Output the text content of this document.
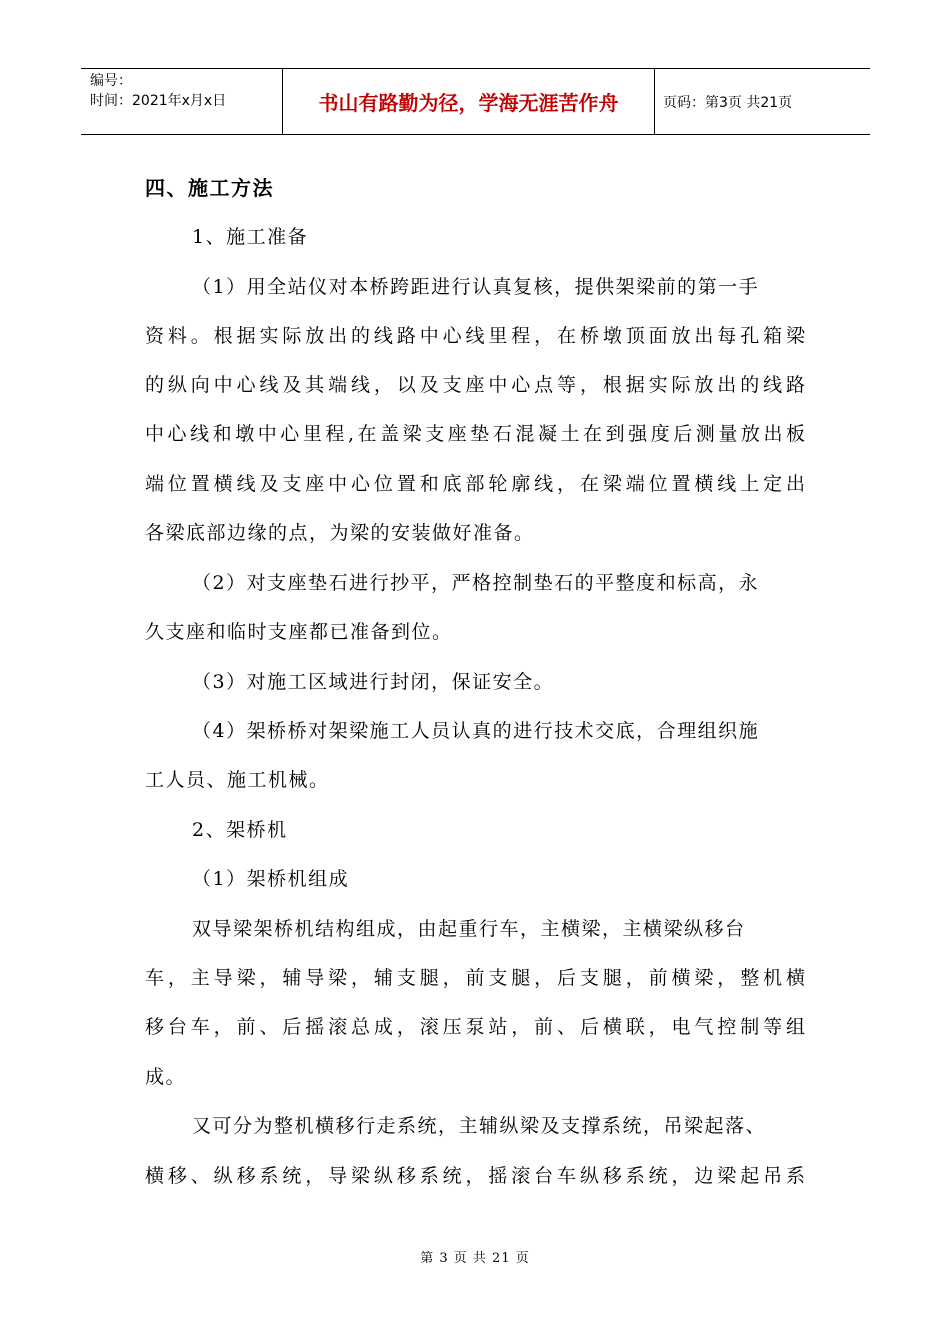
编号：
时间：2021年x月x日	书山有路勤为径，学海无涯苦作舟	页码：第3页 共21页
四、施工方法
1、施工准备
（1）用全站仪对本桥跨距进行认真复核，提供架梁前的第一手
资料。根据实际放出的线路中心线里程，在桥墩顶面放出每孔箱梁
的纵向中心线及其端线，以及支座中心点等，根据实际放出的线路
中心线和墩中心里程,在盖梁支座垫石混凝土在到强度后测量放出板
端位置横线及支座中心位置和底部轮廓线，在梁端位置横线上定出
各梁底部边缘的点，为梁的安装做好准备。
（2）对支座垫石进行抄平，严格控制垫石的平整度和标高，永
久支座和临时支座都已准备到位。
（3）对施工区域进行封闭，保证安全。
（4）架桥桥对架梁施工人员认真的进行技术交底，合理组织施
工人员、施工机械。
2、架桥机
（1）架桥机组成
双导梁架桥机结构组成，由起重行车，主横梁，主横梁纵移台
车，主导梁，辅导梁，辅支腿，前支腿，后支腿，前横梁，整机横
移台车，前、后摇滚总成，滚压泵站，前、后横联，电气控制等组
成。
又可分为整机横移行走系统，主辅纵梁及支撑系统，吊梁起落、
横移、纵移系统，导梁纵移系统，摇滚台车纵移系统，边梁起吊系
第 3 页 共 21 页
